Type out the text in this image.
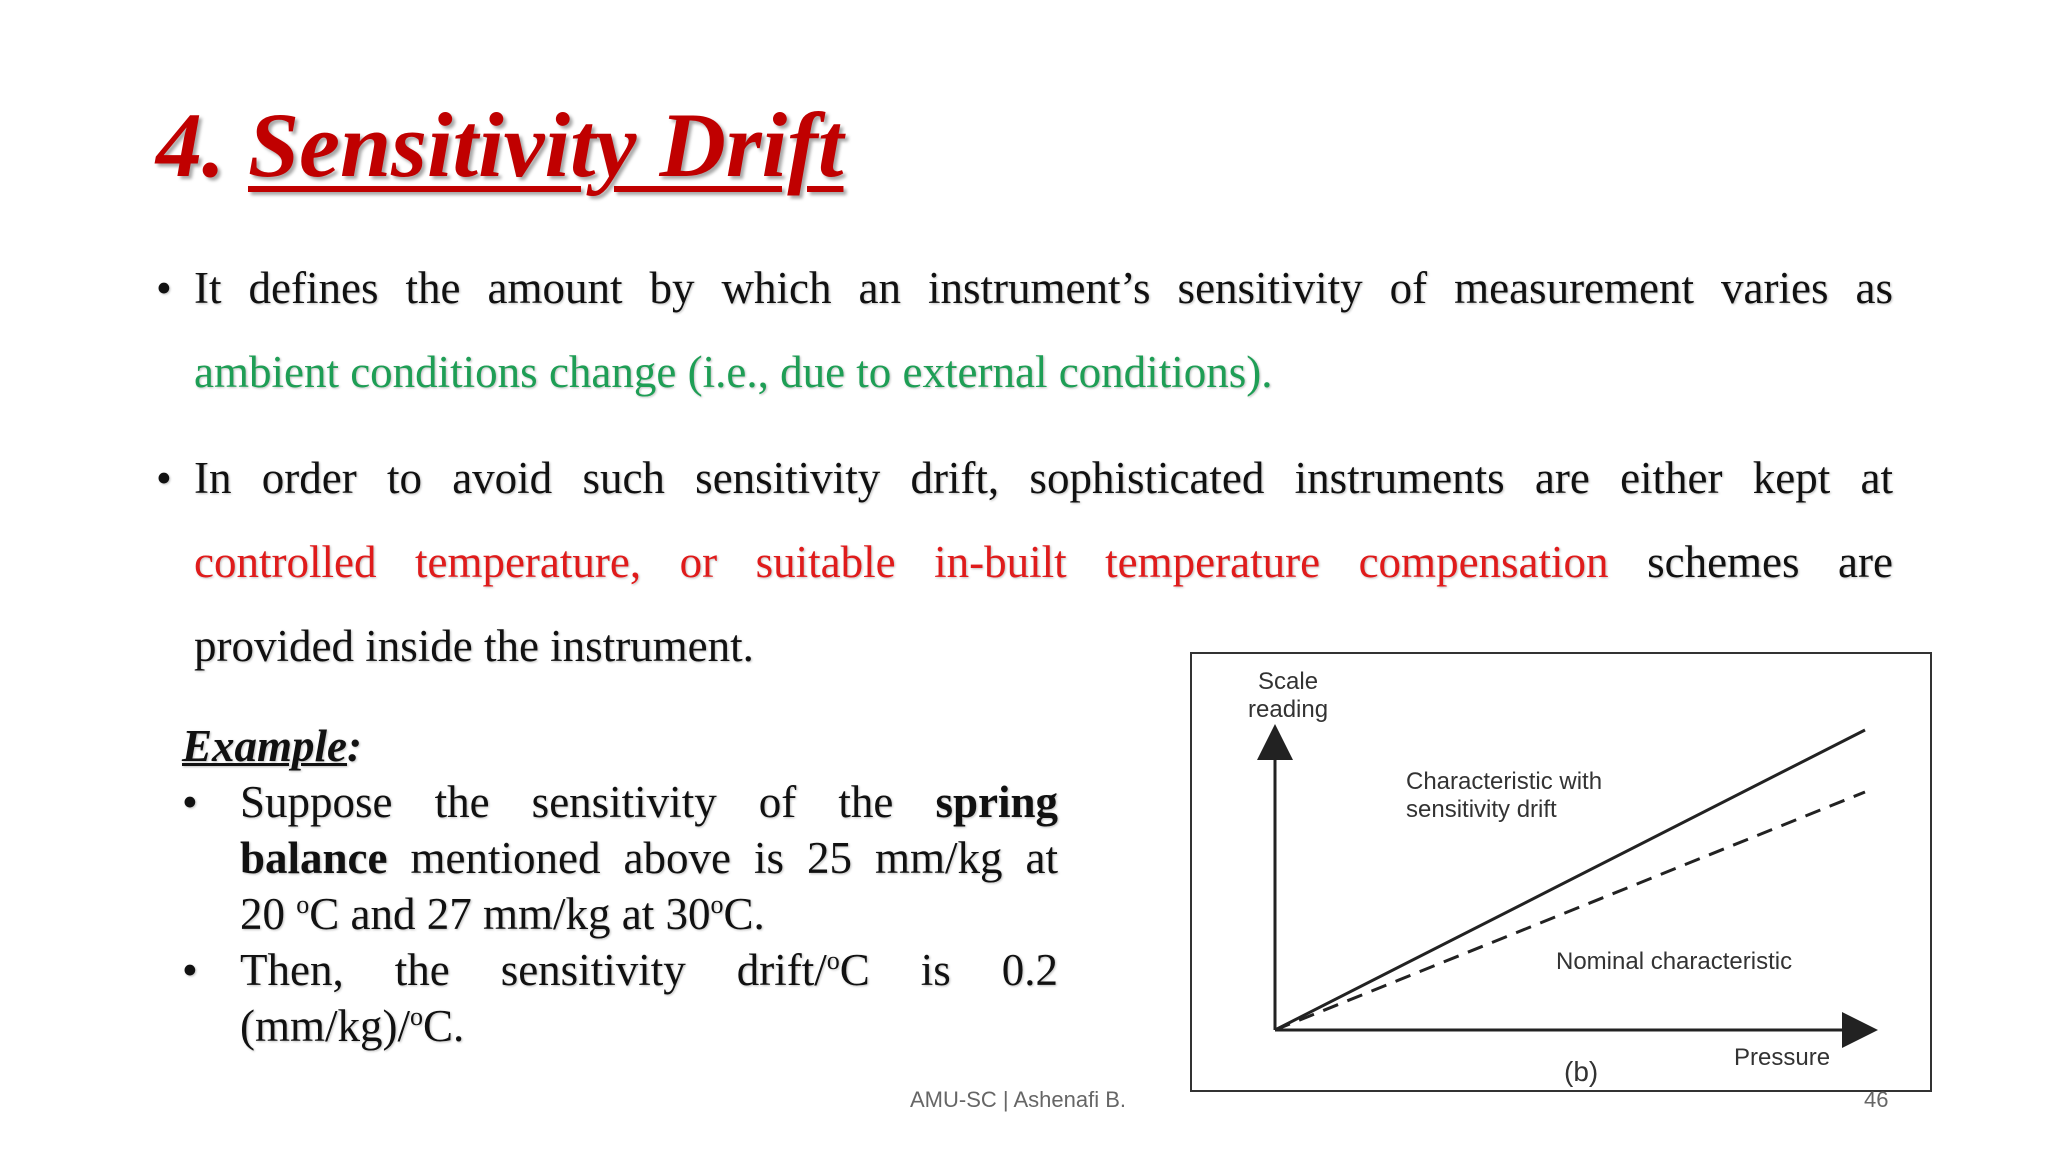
4. Sensitivity Drift
• It defines the amount by which an instrument’s sensitivity of measurement varies as
ambient conditions change (i.e., due to external conditions).
• In order to avoid such sensitivity drift, sophisticated instruments are either kept at
controlled temperature, or suitable in-built temperature compensation schemes are
provided inside the instrument.
Example:
• Suppose the sensitivity of the spring
balance mentioned above is 25 mm/kg at
20 $^o$C and 27 mm/kg at 30$^o$C.
• Then, the sensitivity drift/$^o$C is 0.2
(mm/kg)/$^o$C.
Scale
reading
Characteristic with
sensitivity drift
Nominal characteristic
Pressure
(b)
AMU-SC | Ashenafi B.	46
